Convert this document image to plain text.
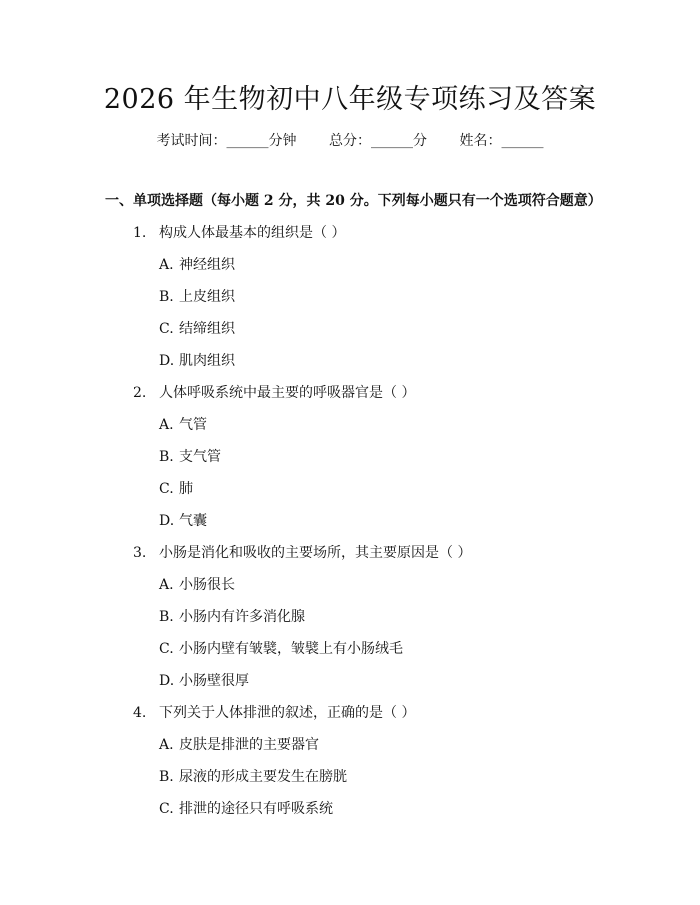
2026 年生物初中八年级专项练习及答案
考试时间：______分钟 总分：______分 姓名：______
一、单项选择题（每小题 2 分，共 20 分。下列每小题只有一个选项符合题意）
1. 构成人体最基本的组织是（ ）
A. 神经组织
B. 上皮组织
C. 结缔组织
D. 肌肉组织
2. 人体呼吸系统中最主要的呼吸器官是（ ）
A. 气管
B. 支气管
C. 肺
D. 气囊
3. 小肠是消化和吸收的主要场所，其主要原因是（ ）
A. 小肠很长
B. 小肠内有许多消化腺
C. 小肠内壁有皱襞，皱襞上有小肠绒毛
D. 小肠壁很厚
4. 下列关于人体排泄的叙述，正确的是（ ）
A. 皮肤是排泄的主要器官
B. 尿液的形成主要发生在膀胱
C. 排泄的途径只有呼吸系统
